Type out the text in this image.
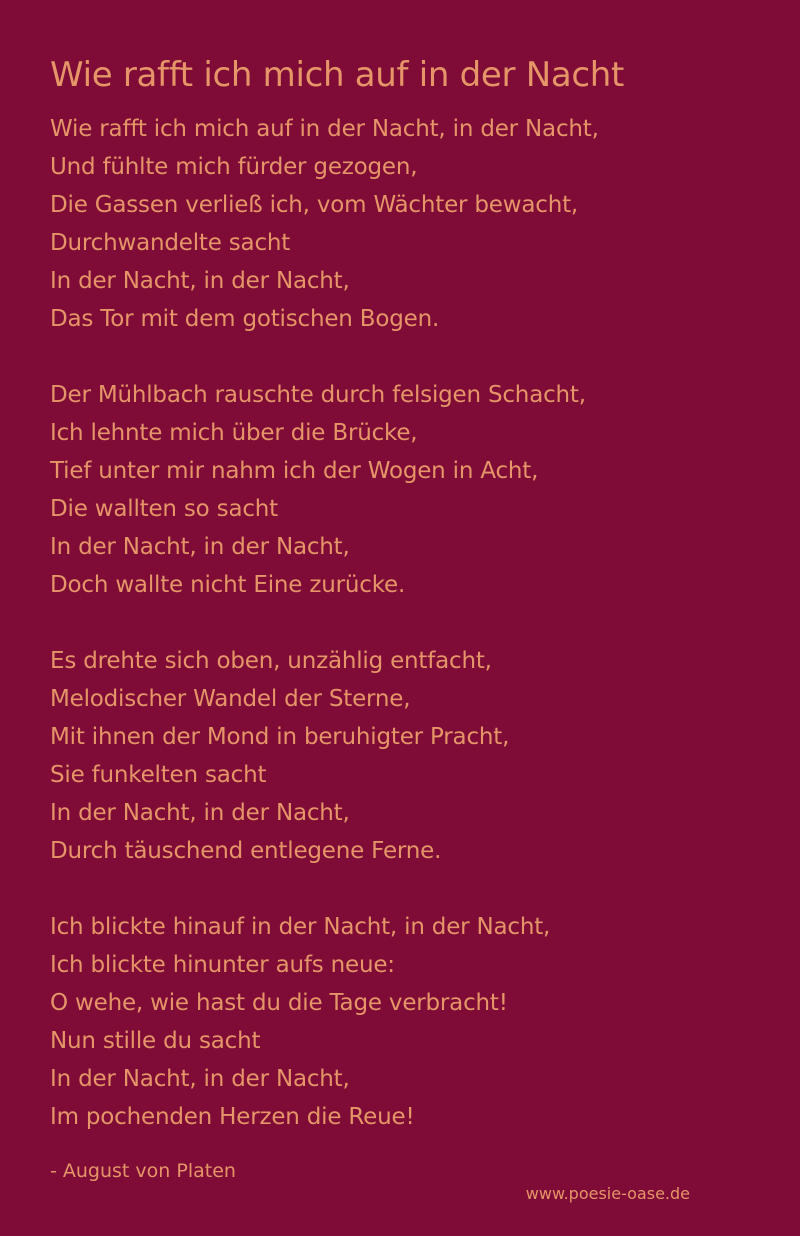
Wie rafft ich mich auf in der Nacht
Wie rafft ich mich auf in der Nacht, in der Nacht,
Und fühlte mich fürder gezogen,
Die Gassen verließ ich, vom Wächter bewacht,
Durchwandelte sacht
In der Nacht, in der Nacht,
Das Tor mit dem gotischen Bogen.
Der Mühlbach rauschte durch felsigen Schacht,
Ich lehnte mich über die Brücke,
Tief unter mir nahm ich der Wogen in Acht,
Die wallten so sacht
In der Nacht, in der Nacht,
Doch wallte nicht Eine zurücke.
Es drehte sich oben, unzählig entfacht,
Melodischer Wandel der Sterne,
Mit ihnen der Mond in beruhigter Pracht,
Sie funkelten sacht
In der Nacht, in der Nacht,
Durch täuschend entlegene Ferne.
Ich blickte hinauf in der Nacht, in der Nacht,
Ich blickte hinunter aufs neue:
O wehe, wie hast du die Tage verbracht!
Nun stille du sacht
In der Nacht, in der Nacht,
Im pochenden Herzen die Reue!
- August von Platen
www.poesie-oase.de
